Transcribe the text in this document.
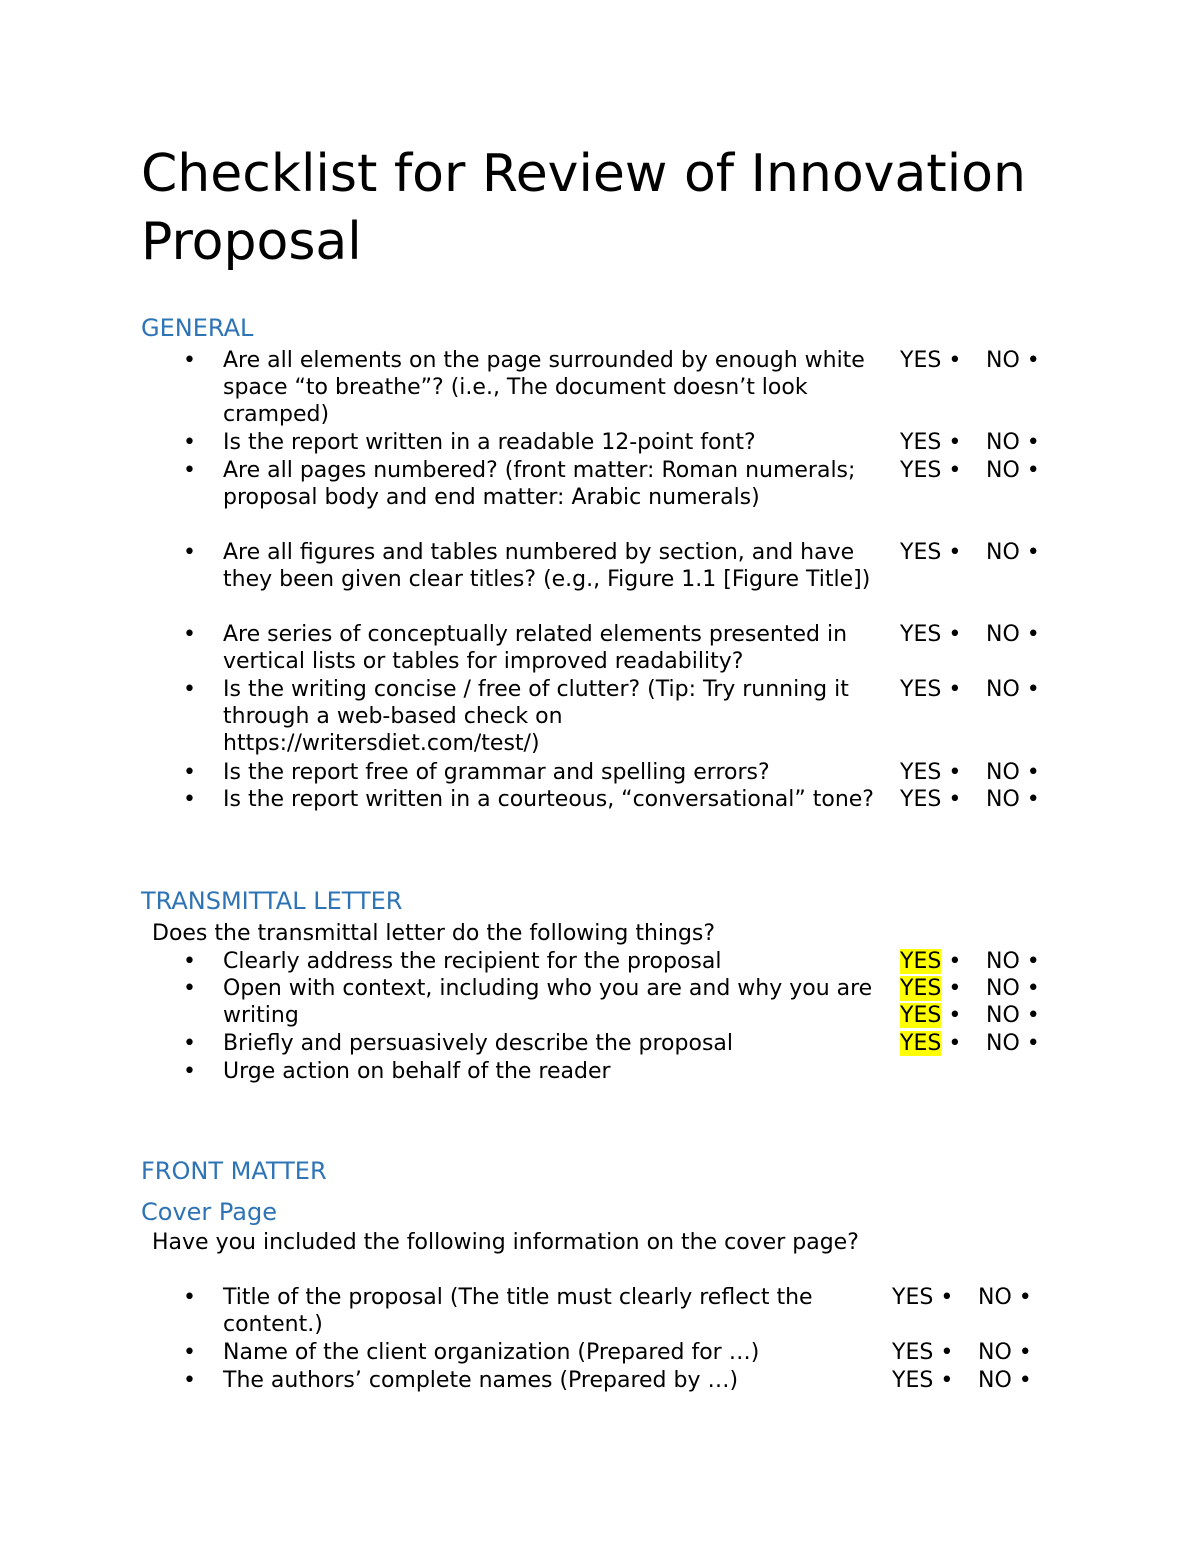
Checklist for Review of Innovation Proposal
GENERAL
• Are all elements on the page surrounded by enough white space “to breathe”? (i.e., The document doesn’t look cramped)
YES • NO •
• Is the report written in a readable 12-point font?	YES • NO •
• Are all pages numbered? (front matter: Roman numerals; proposal body and end matter: Arabic numerals)
YES • NO •
• Are all figures and tables numbered by section, and have they been given clear titles? (e.g., Figure 1.1 [Figure Title])
YES • NO •
• Are series of conceptually related elements presented in vertical lists or tables for improved readability?
YES • NO •
• Is the writing concise / free of clutter? (Tip: Try running it through a web-based check on https://writersdiet.com/test/)
YES • NO •
• Is the report free of grammar and spelling errors?	YES • NO •
• Is the report written in a courteous, “conversational” tone? YES • NO •
TRANSMITTAL LETTER

Does the transmittal letter do the following things?

• Clearly address the recipient for the proposal	YES • NO •
• Open with context, including who you are and why you are writing
YES • NO •
YES • NO •
• Briefly and persuasively describe the proposal	YES • NO •
• Urge action on behalf of the reader
FRONT MATTER
Cover Page

Have you included the following information on the cover page?

• Title of the proposal (The title must clearly reflect the content.)
YES • NO •
• Name of the client organization (Prepared for …)	YES • NO •
• The authors’ complete names (Prepared by …)	YES • NO •
